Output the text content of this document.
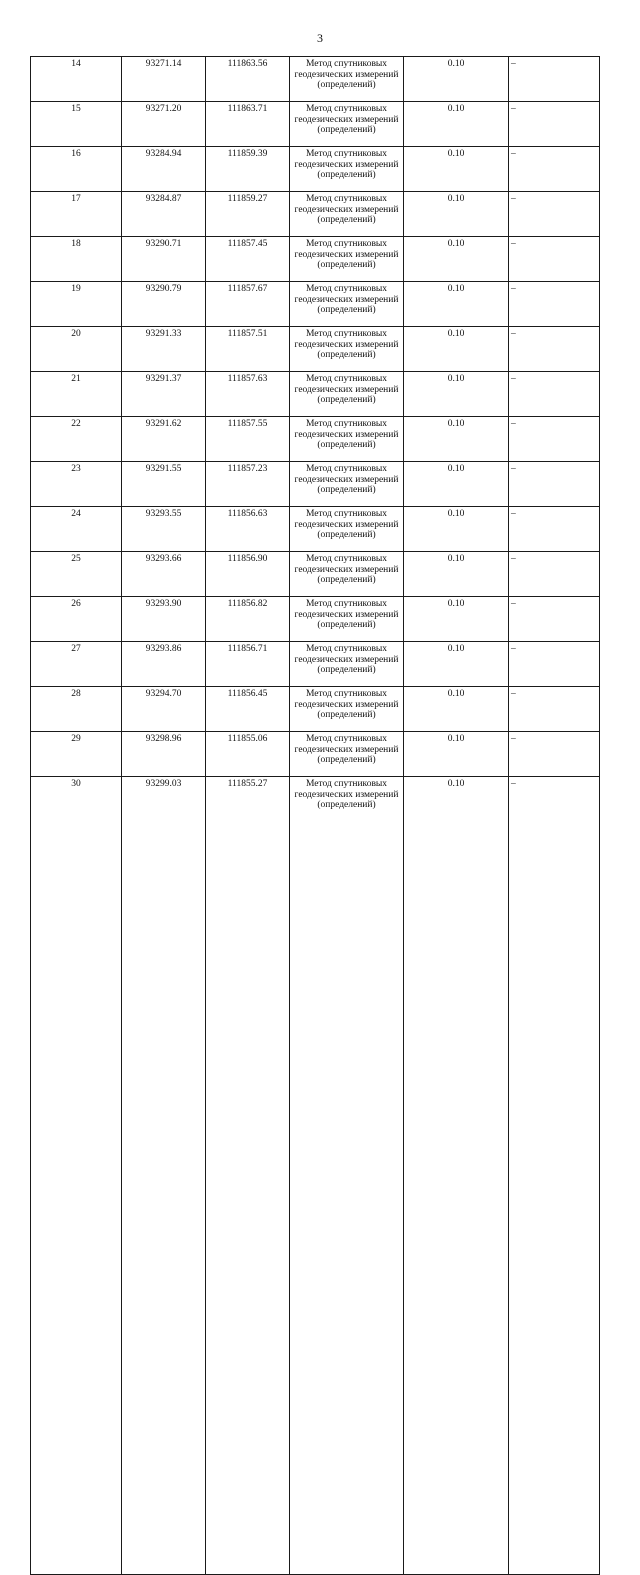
3
14	93271.14	111863.56	Метод спутниковых геодезических измерений (определений)	0.10	–
15	93271.20	111863.71	Метод спутниковых геодезических измерений (определений)	0.10	–
16	93284.94	111859.39	Метод спутниковых геодезических измерений (определений)	0.10	–
17	93284.87	111859.27	Метод спутниковых геодезических измерений (определений)	0.10	–
18	93290.71	111857.45	Метод спутниковых геодезических измерений (определений)	0.10	–
19	93290.79	111857.67	Метод спутниковых геодезических измерений (определений)	0.10	–
20	93291.33	111857.51	Метод спутниковых геодезических измерений (определений)	0.10	–
21	93291.37	111857.63	Метод спутниковых геодезических измерений (определений)	0.10	–
22	93291.62	111857.55	Метод спутниковых геодезических измерений (определений)	0.10	–
23	93291.55	111857.23	Метод спутниковых геодезических измерений (определений)	0.10	–
24	93293.55	111856.63	Метод спутниковых геодезических измерений (определений)	0.10	–
25	93293.66	111856.90	Метод спутниковых геодезических измерений (определений)	0.10	–
26	93293.90	111856.82	Метод спутниковых геодезических измерений (определений)	0.10	–
27	93293.86	111856.71	Метод спутниковых геодезических измерений (определений)	0.10	–
28	93294.70	111856.45	Метод спутниковых геодезических измерений (определений)	0.10	–
29	93298.96	111855.06	Метод спутниковых геодезических измерений (определений)	0.10	–
30	93299.03	111855.27	Метод спутниковых геодезических измерений (определений)	0.10	–
